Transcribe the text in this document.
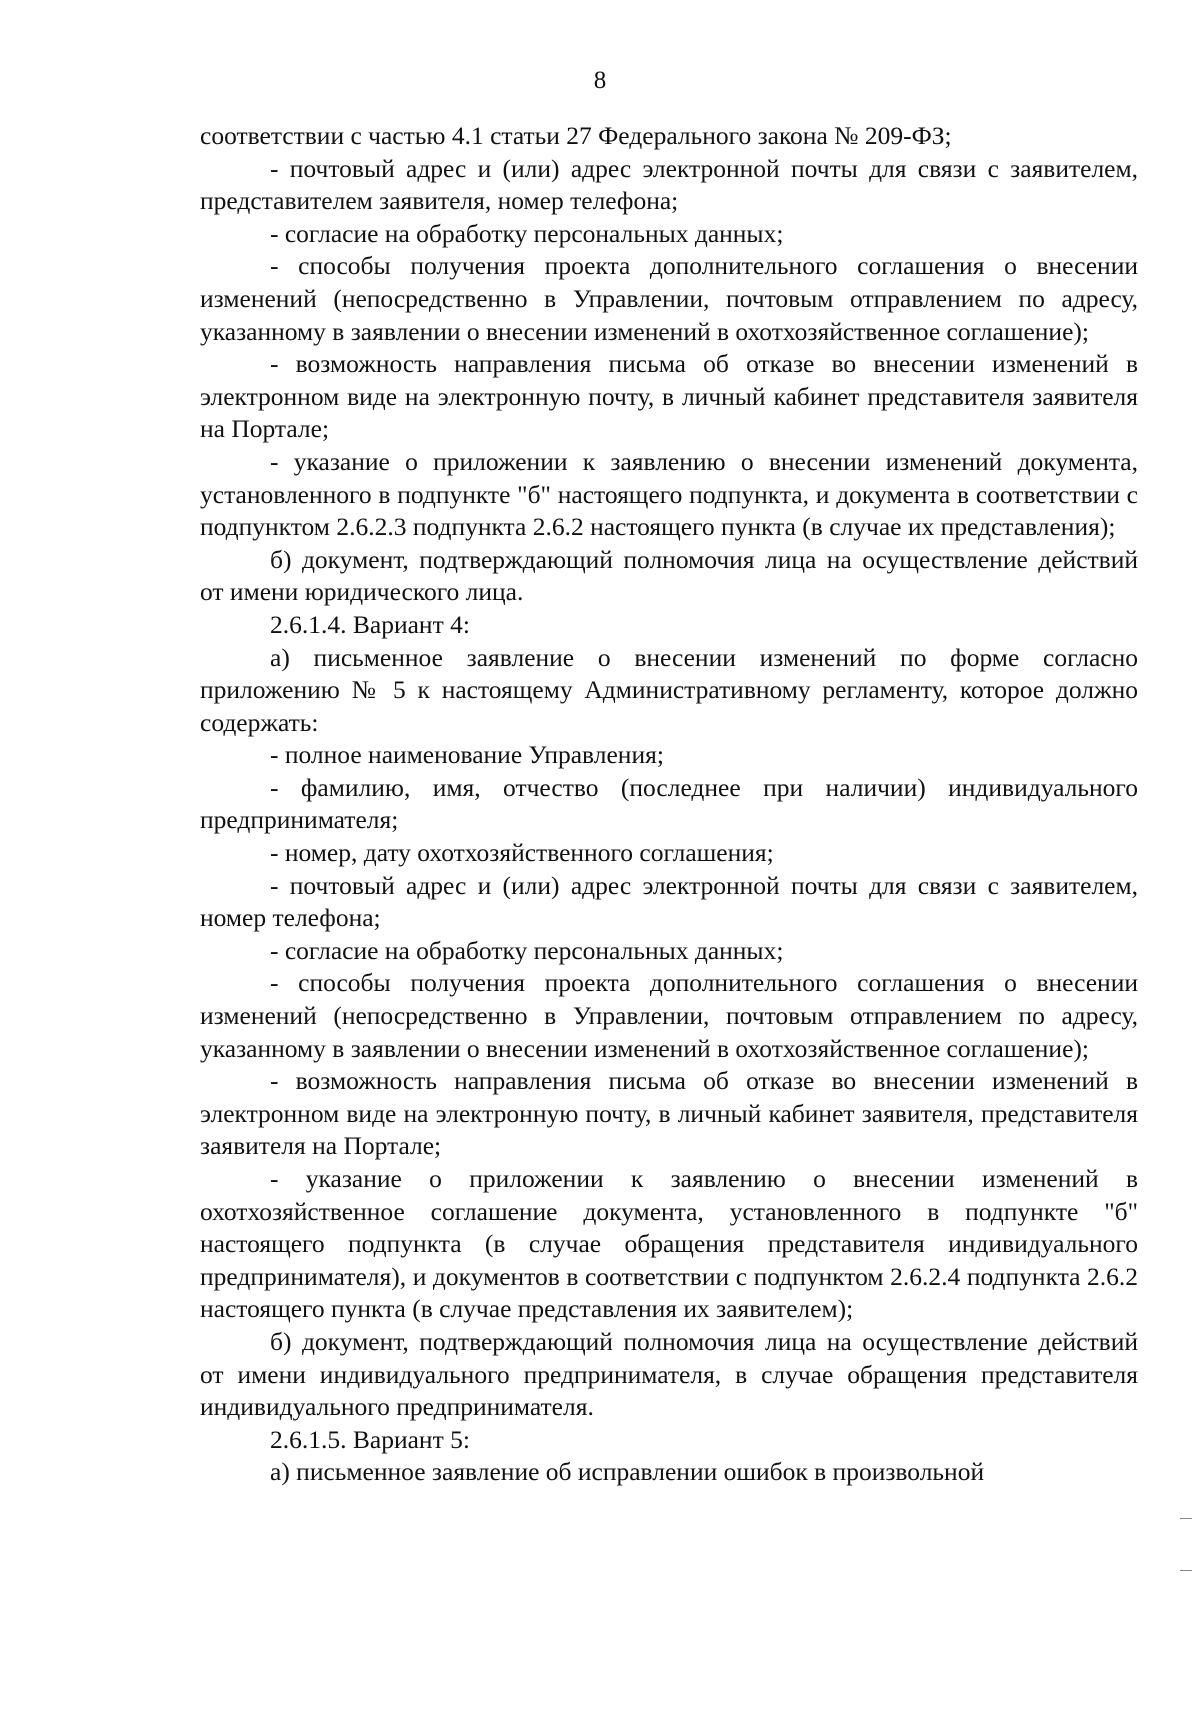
8

соответствии с частью 4.1 статьи 27 Федерального закона № 209-ФЗ;

- почтовый адрес и (или) адрес электронной почты для связи с заявителем, представителем заявителя, номер телефона;

- согласие на обработку персональных данных;

- способы получения проекта дополнительного соглашения о внесении изменений (непосредственно в Управлении, почтовым отправлением по адресу, указанному в заявлении о внесении изменений в охотхозяйственное соглашение);

- возможность направления письма об отказе во внесении изменений в электронном виде на электронную почту, в личный кабинет представителя заявителя на Портале;

- указание о приложении к заявлению о внесении изменений документа, установленного в подпункте "б" настоящего подпункта, и документа в соответствии с подпунктом 2.6.2.3 подпункта 2.6.2 настоящего пункта (в случае их представления);

б) документ, подтверждающий полномочия лица на осуществление действий от имени юридического лица.

2.6.1.4. Вариант 4:

а) письменное заявление о внесении изменений по форме согласно приложению № 5 к настоящему Административному регламенту, которое должно содержать:

- полное наименование Управления;

- фамилию, имя, отчество (последнее при наличии) индивидуального предпринимателя;

- номер, дату охотхозяйственного соглашения;

- почтовый адрес и (или) адрес электронной почты для связи с заявителем, номер телефона;

- согласие на обработку персональных данных;

- способы получения проекта дополнительного соглашения о внесении изменений (непосредственно в Управлении, почтовым отправлением по адресу, указанному в заявлении о внесении изменений в охотхозяйственное соглашение);

- возможность направления письма об отказе во внесении изменений в электронном виде на электронную почту, в личный кабинет заявителя, представителя заявителя на Портале;

- указание о приложении к заявлению о внесении изменений в охотхозяйственное соглашение документа, установленного в подпункте "б" настоящего подпункта (в случае обращения представителя индивидуального предпринимателя), и документов в соответствии с подпунктом 2.6.2.4 подпункта 2.6.2 настоящего пункта (в случае представления их заявителем);

б) документ, подтверждающий полномочия лица на осуществление действий от имени индивидуального предпринимателя, в случае обращения представителя индивидуального предпринимателя.

2.6.1.5. Вариант 5:

а) письменное заявление об исправлении ошибок в произвольной
